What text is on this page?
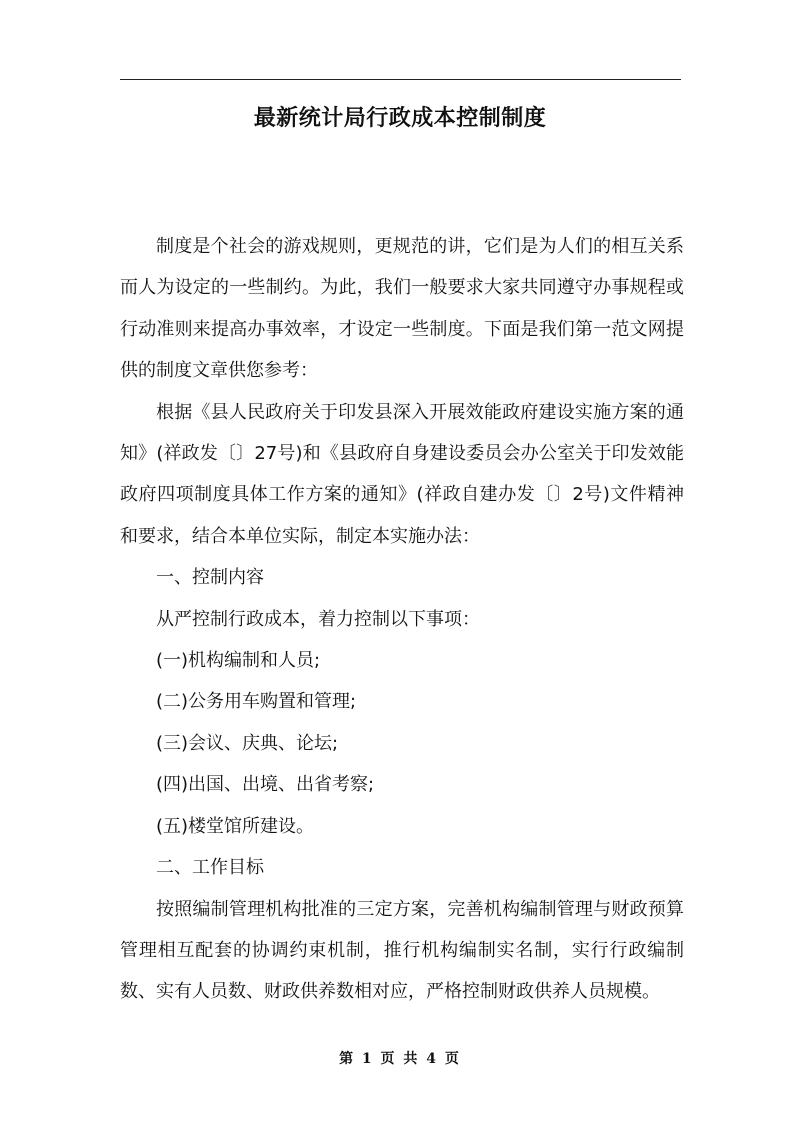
最新统计局行政成本控制制度

制度是个社会的游戏规则，更规范的讲，它们是为人们的相互关系而人为设定的一些制约。为此，我们一般要求大家共同遵守办事规程或行动准则来提高办事效率，才设定一些制度。下面是我们第一范文网提供的制度文章供您参考：

根据《县人民政府关于印发县深入开展效能政府建设实施方案的通知》(祥政发〔〕27号)和《县政府自身建设委员会办公室关于印发效能政府四项制度具体工作方案的通知》(祥政自建办发〔〕2号)文件精神和要求，结合本单位实际，制定本实施办法：

一、控制内容

从严控制行政成本，着力控制以下事项：

(一)机构编制和人员;

(二)公务用车购置和管理;

(三)会议、庆典、论坛;

(四)出国、出境、出省考察;

(五)楼堂馆所建设。

二、工作目标

按照编制管理机构批准的三定方案，完善机构编制管理与财政预算管理相互配套的协调约束机制，推行机构编制实名制，实行行政编制数、实有人员数、财政供养数相对应，严格控制财政供养人员规模。

第 1 页 共 4 页
